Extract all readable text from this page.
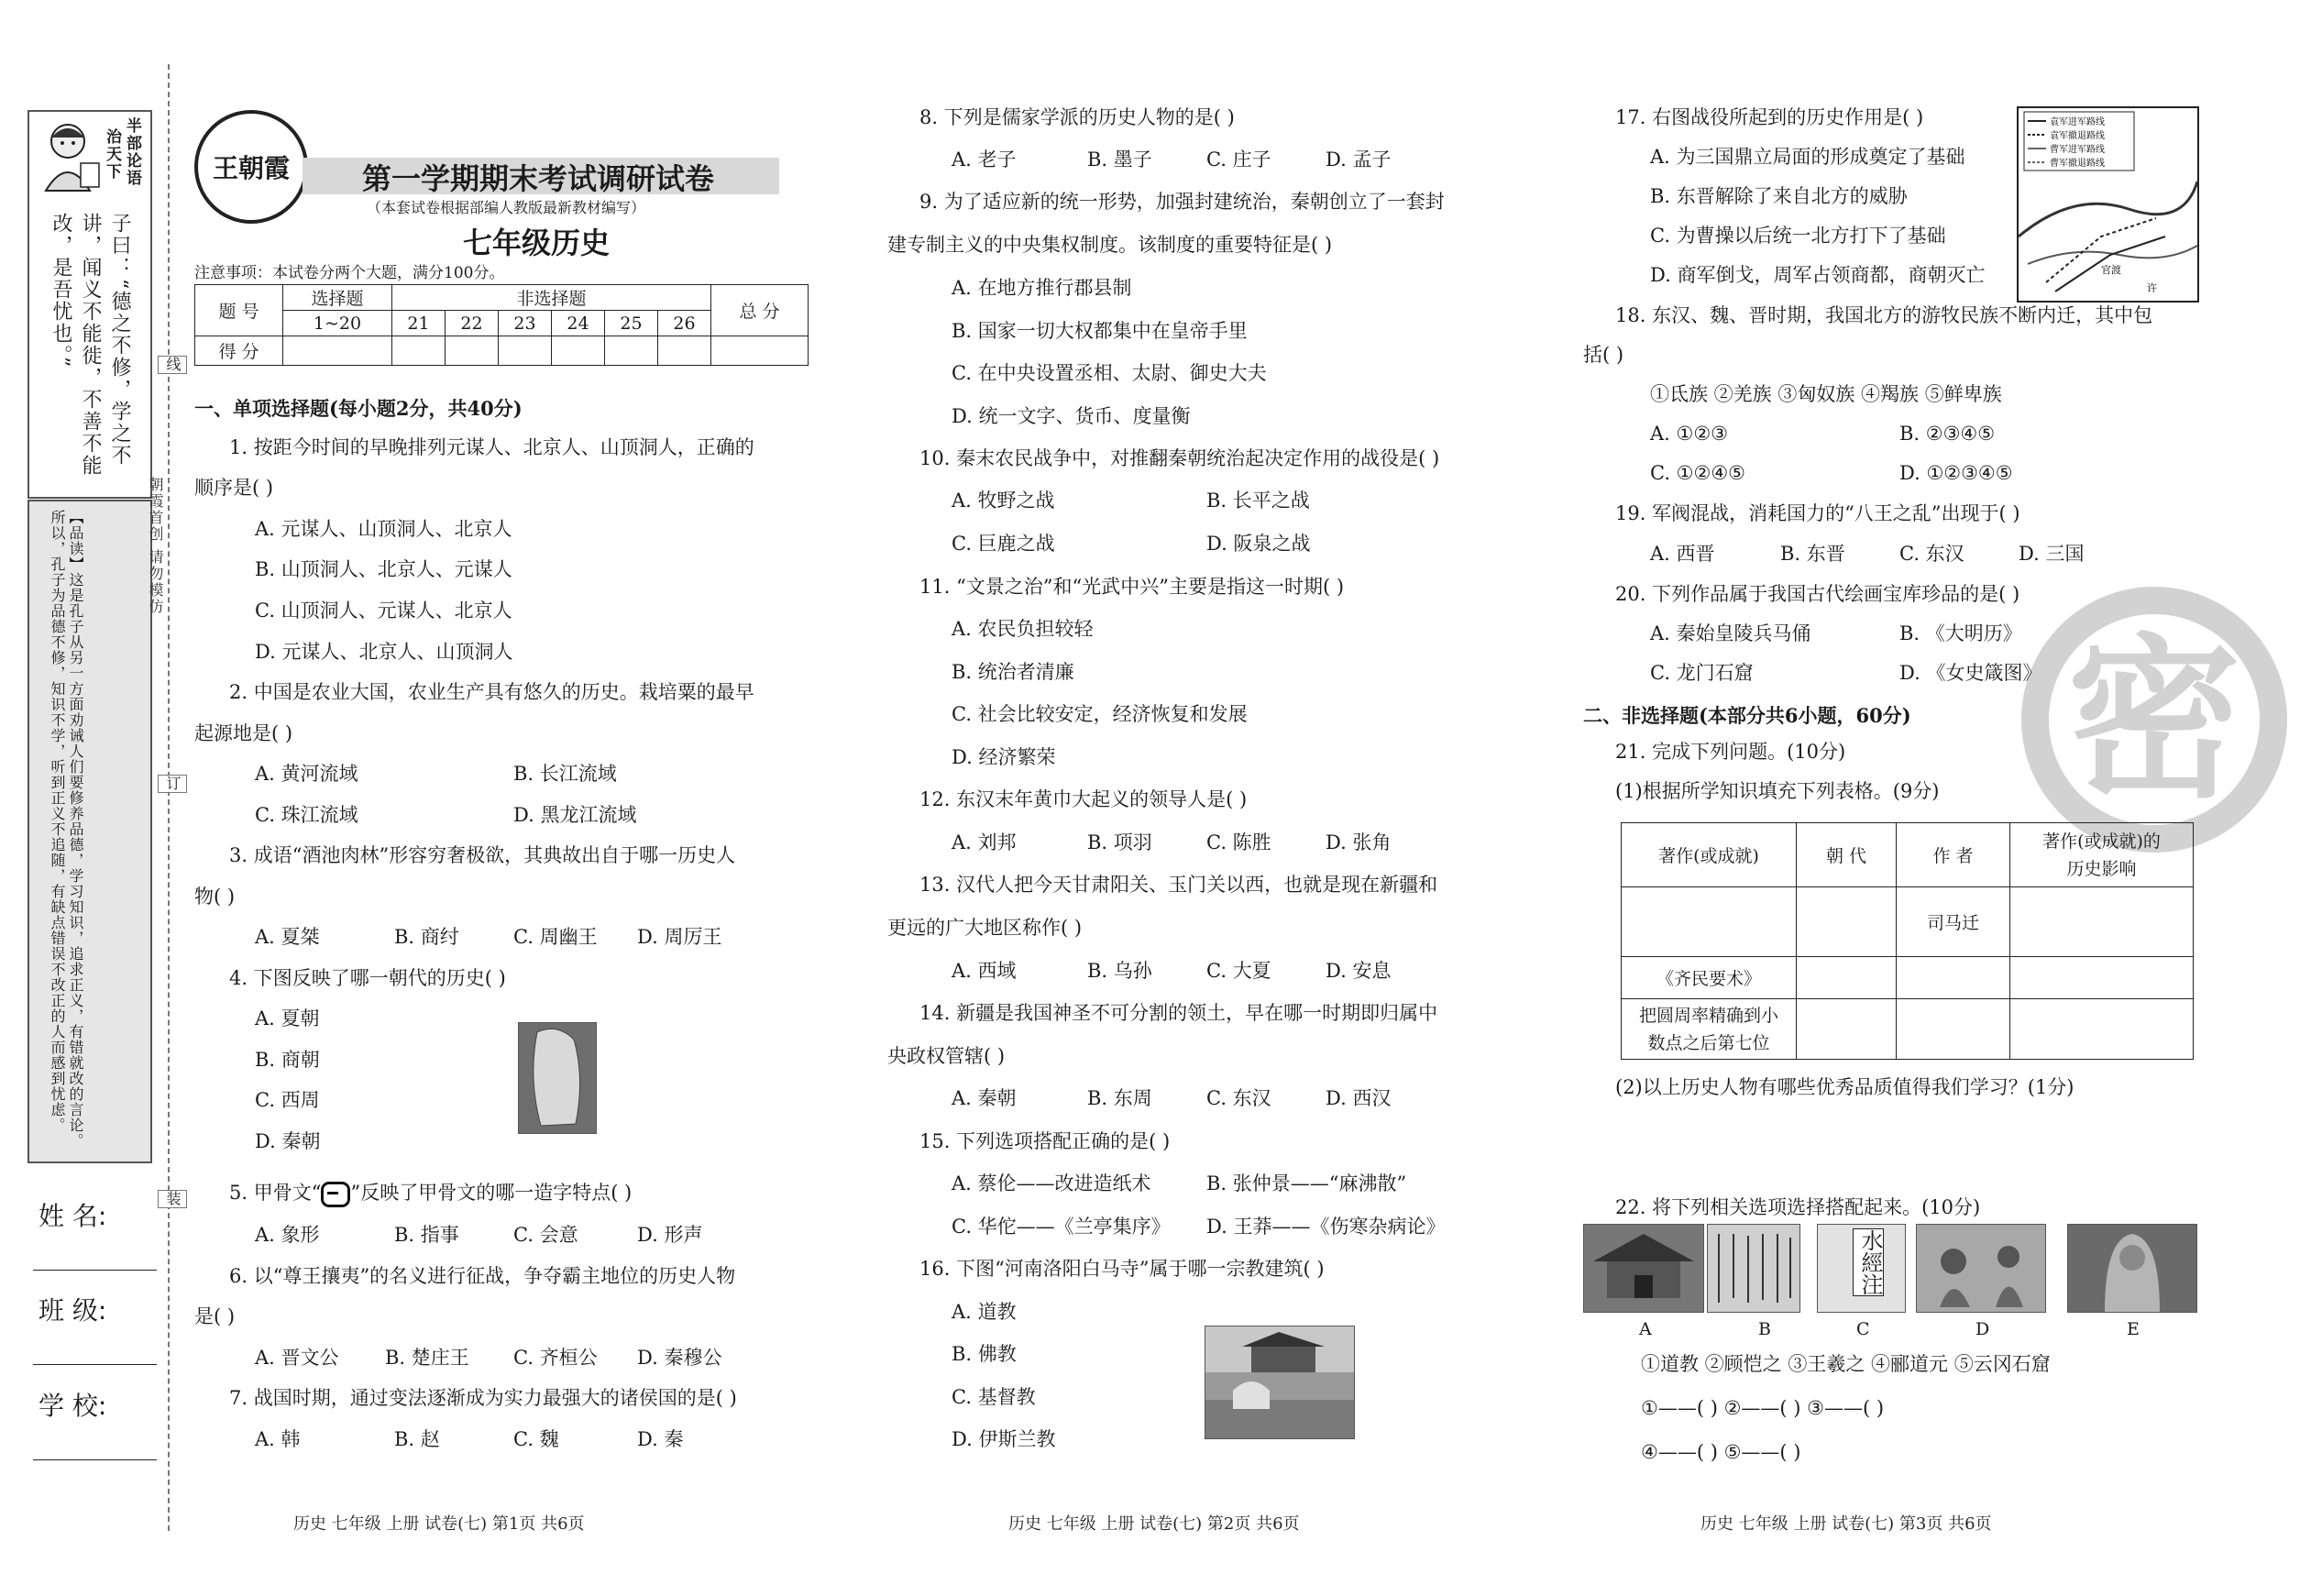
半部论语
治天下
子曰：“德之不修，学之不讲，闻义不能徙，不善不能改，是吾忧也。”
【品读】这是孔子从另一方面劝诫人们要修养品德，学习知识，追求正义，有错就改的言论。所以，孔子为品德不修，知识不学，听到正义不追随，有缺点错误不改正的人而感到忧虑。
线
订
装
朝霞首创 请勿模仿
姓 名:
班 级:
学 校:
王朝霞	第一学期期末考试调研试卷
（本套试卷根据部编人教版最新教材编写）
七年级历史
注意事项：本试卷分两个大题，满分100分。
题 号	选择题	非选择题						总 分
	1~20	21	22	23	24	25	26	
得 分								
一、单项选择题(每小题2分，共40分)
1. 按距今时间的早晚排列元谋人、北京人、山顶洞人，正确的
顺序是( )
A. 元谋人、山顶洞人、北京人
B. 山顶洞人、北京人、元谋人
C. 山顶洞人、元谋人、北京人
D. 元谋人、北京人、山顶洞人
2. 中国是农业大国，农业生产具有悠久的历史。栽培粟的最早
起源地是( )
A. 黄河流域	B. 长江流域
C. 珠江流域	D. 黑龙江流域
3. 成语“酒池肉林”形容穷奢极欲，其典故出自于哪一历史人
物( )
A. 夏桀	B. 商纣	C. 周幽王 D. 周厉王
4. 下图反映了哪一朝代的历史( )
A. 夏朝
B. 商朝
C. 西周
D. 秦朝
5. 甲骨文“ ”反映了甲骨文的哪一造字特点( )
A. 象形	B. 指事	C. 会意	D. 形声
6. 以“尊王攘夷”的名义进行征战，争夺霸主地位的历史人物
是( )
A. 晋文公 B. 楚庄王 C. 齐桓公 D. 秦穆公
7. 战国时期，通过变法逐渐成为实力最强大的诸侯国的是( )
A. 韩	B. 赵	C. 魏	D. 秦
历史 七年级 上册 试卷(七) 第1页 共6页
8. 下列是儒家学派的历史人物的是( )
A. 老子	B. 墨子	C. 庄子	D. 孟子
9. 为了适应新的统一形势，加强封建统治，秦朝创立了一套封
建专制主义的中央集权制度。该制度的重要特征是( )
A. 在地方推行郡县制
B. 国家一切大权都集中在皇帝手里
C. 在中央设置丞相、太尉、御史大夫
D. 统一文字、货币、度量衡
10. 秦末农民战争中，对推翻秦朝统治起决定作用的战役是( )
A. 牧野之战	B. 长平之战
C. 巨鹿之战	D. 阪泉之战
11. “文景之治”和“光武中兴”主要是指这一时期( )
A. 农民负担较轻
B. 统治者清廉
C. 社会比较安定，经济恢复和发展
D. 经济繁荣
12. 东汉末年黄巾大起义的领导人是( )
A. 刘邦	B. 项羽	C. 陈胜	D. 张角
13. 汉代人把今天甘肃阳关、玉门关以西，也就是现在新疆和
更远的广大地区称作( )
A. 西域	B. 乌孙	C. 大夏	D. 安息
14. 新疆是我国神圣不可分割的领土，早在哪一时期即归属中
央政权管辖( )
A. 秦朝	B. 东周	C. 东汉	D. 西汉
15. 下列选项搭配正确的是( )
A. 蔡伦——改进造纸术	B. 张仲景——“麻沸散”
C. 华佗——《兰亭集序》 D. 王莽——《伤寒杂病论》
16. 下图“河南洛阳白马寺”属于哪一宗教建筑( )
A. 道教
B. 佛教
C. 基督教
D. 伊斯兰教
历史 七年级 上册 试卷(七) 第2页 共6页
密
17. 右图战役所起到的历史作用是( )
A. 为三国鼎立局面的形成奠定了基础
B. 东晋解除了来自北方的威胁
C. 为曹操以后统一北方打下了基础
D. 商军倒戈，周军占领商都，商朝灭亡
袁军进军路线
袁军撤退路线
曹军进军路线
曹军撤退路线
官渡
许
18. 东汉、魏、晋时期，我国北方的游牧民族不断内迁，其中包
括( )
①氐族 ②羌族 ③匈奴族 ④羯族 ⑤鲜卑族
A. ①②③	B. ②③④⑤
C. ①②④⑤	D. ①②③④⑤
19. 军阀混战，消耗国力的“八王之乱”出现于( )
A. 西晋	B. 东晋	C. 东汉	D. 三国
20. 下列作品属于我国古代绘画宝库珍品的是( )
A. 秦始皇陵兵马俑	B. 《大明历》
C. 龙门石窟	D. 《女史箴图》
二、非选择题(本部分共6小题，60分)
21. 完成下列问题。(10分)
(1)根据所学知识填充下列表格。(9分)
著作(或成就)	朝 代	作 者	著作(或成就)的
历史影响

		司马迁	
《齐民要术》			

把圆周率精确到小
数点之后第七位			

(2)以上历史人物有哪些优秀品质值得我们学习？(1分)
22. 将下列相关选项选择搭配起来。(10分)
水經注
A	B	C	D	E
①道教 ②顾恺之 ③王羲之 ④郦道元 ⑤云冈石窟
①——( ) ②——( ) ③——( )
④——( ) ⑤——( )
历史 七年级 上册 试卷(七) 第3页 共6页
